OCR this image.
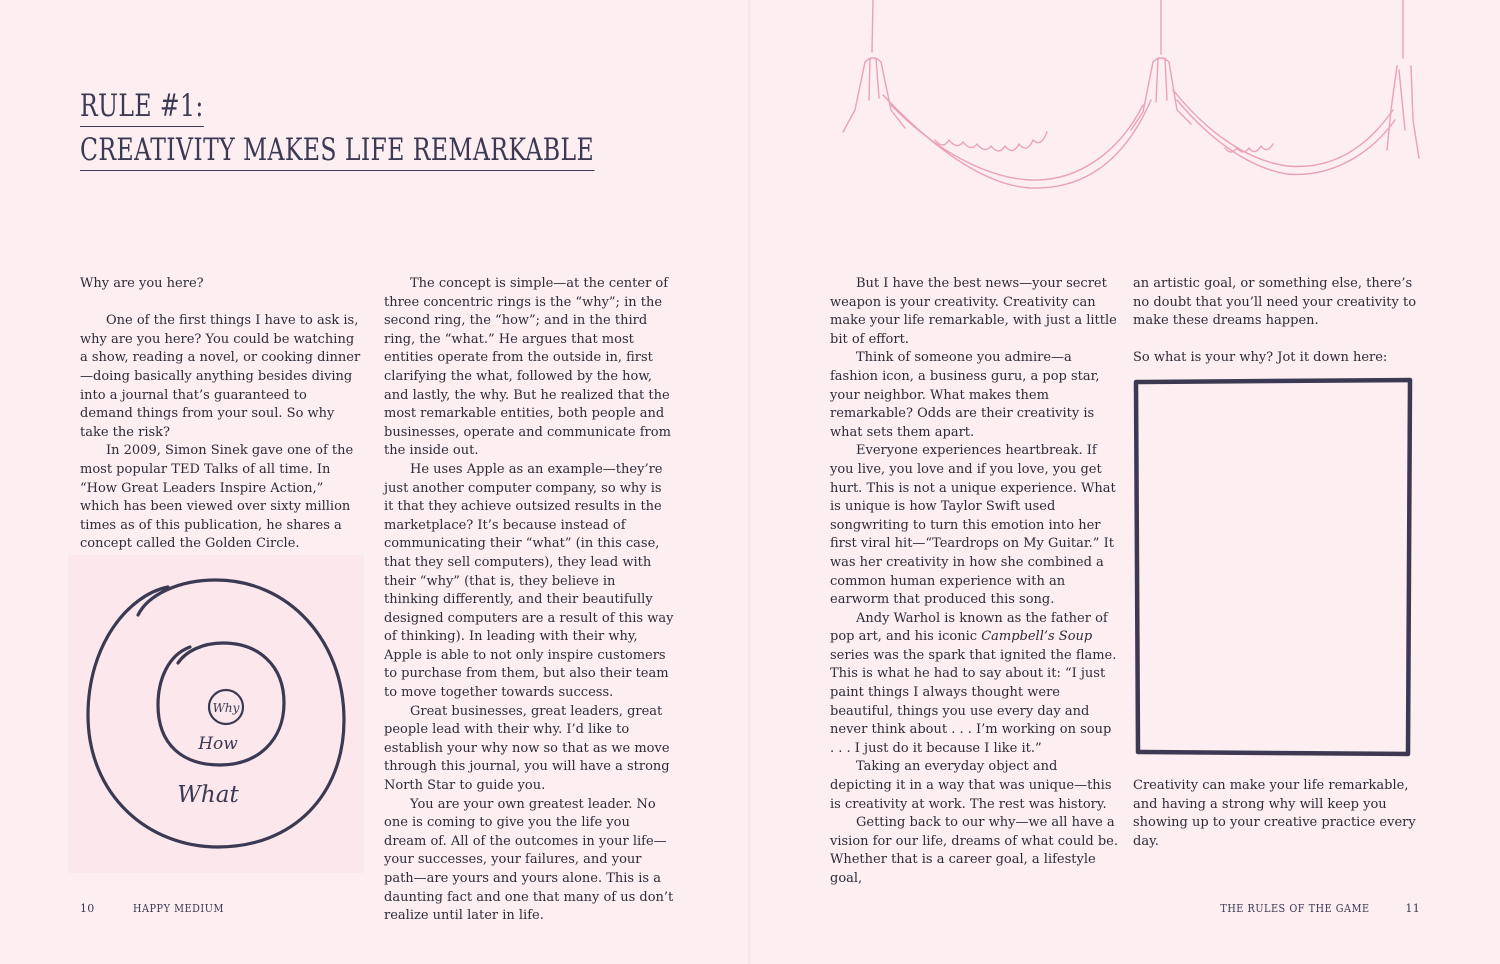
RULE #1:
CREATIVITY MAKES LIFE REMARKABLE

Why are you here?

One of the first things I have to ask is, why are you here? You could be watching a show, reading a novel, or cooking dinner—doing basically anything besides diving into a journal that’s guaranteed to demand things from your soul. So why take the risk?

In 2009, Simon Sinek gave one of the most popular TED Talks of all time. In “How Great Leaders Inspire Action,” which has been viewed over sixty million times as of this publication, he shares a concept called the Golden Circle.

Why
How
What

The concept is simple—at the center of three concentric rings is the “why”; in the second ring, the “how”; and in the third ring, the “what.” He argues that most entities operate from the outside in, first clarifying the what, followed by the how, and lastly, the why. But he realized that the most remarkable entities, both people and businesses, operate and communicate from the inside out.

He uses Apple as an example—they’re just another computer company, so why is it that they achieve outsized results in the marketplace? It’s because instead of communicating their “what” (in this case, that they sell computers), they lead with their “why” (that is, they believe in thinking differently, and their beautifully designed computers are a result of this way of thinking). In leading with their why, Apple is able to not only inspire customers to purchase from them, but also their team to move together towards success.

Great businesses, great leaders, great people lead with their why. I’d like to establish your why now so that as we move through this journal, you will have a strong North Star to guide you.

You are your own greatest leader. No one is coming to give you the life you dream of. All of the outcomes in your life—your successes, your failures, and your path—are yours and yours alone. This is a daunting fact and one that many of us don’t realize until later in life.

But I have the best news—your secret weapon is your creativity. Creativity can make your life remarkable, with just a little bit of effort.

Think of someone you admire—a fashion icon, a business guru, a pop star, your neighbor. What makes them remarkable? Odds are their creativity is what sets them apart.

Everyone experiences heartbreak. If you live, you love and if you love, you get hurt. This is not a unique experience. What is unique is how Taylor Swift used songwriting to turn this emotion into her first viral hit—“Teardrops on My Guitar.” It was her creativity in how she combined a common human experience with an earworm that produced this song.

Andy Warhol is known as the father of pop art, and his iconic Campbell’s Soup series was the spark that ignited the flame. This is what he had to say about it: “I just paint things I always thought were beautiful, things you use every day and never think about . . . I’m working on soup . . . I just do it because I like it.”

Taking an everyday object and depicting it in a way that was unique—this is creativity at work. The rest was history.

Getting back to our why—we all have a vision for our life, dreams of what could be. Whether that is a career goal, a lifestyle goal,

an artistic goal, or something else, there’s no doubt that you’ll need your creativity to make these dreams happen.

So what is your why? Jot it down here:

Creativity can make your life remarkable, and having a strong why will keep you showing up to your creative practice every day.

10	HAPPY MEDIUM	THE RULES OF THE GAME	11
